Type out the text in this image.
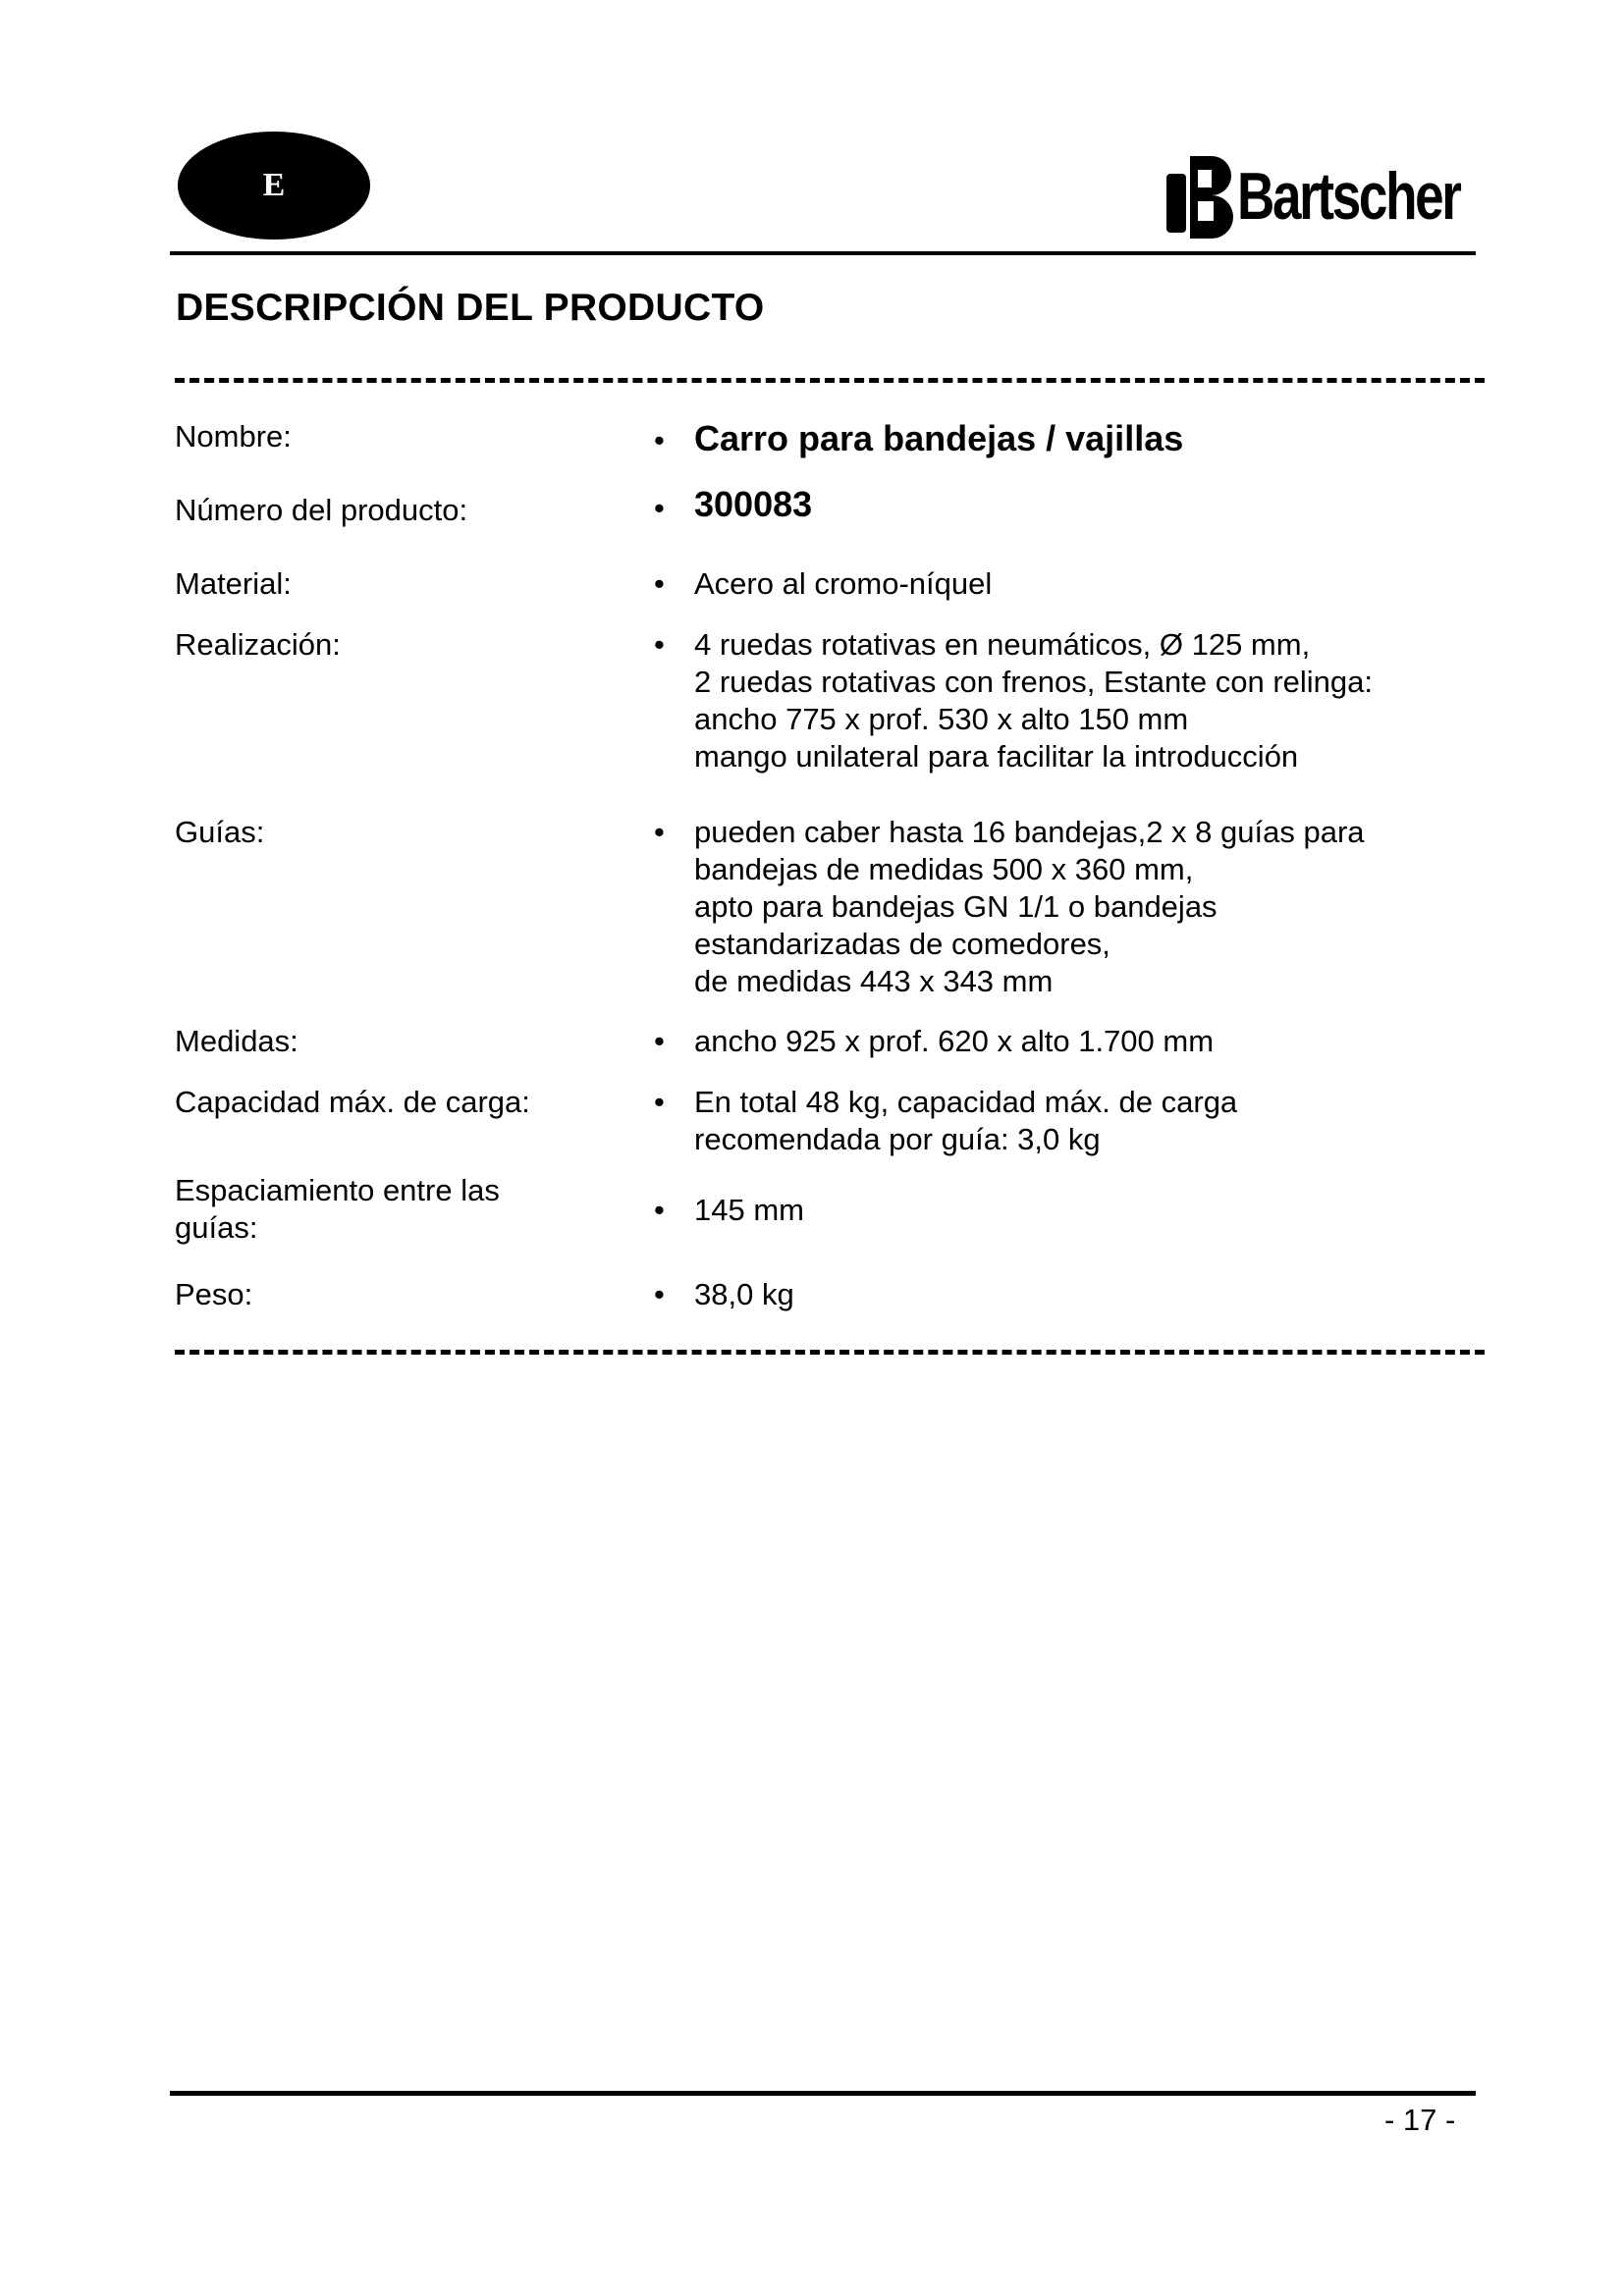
E	Bartscher
DESCRIPCIÓN DEL PRODUCTO
Nombre:	• Carro para bandejas / vajillas
Número del producto:	• 300083
Material:	• Acero al cromo-níquel
Realización:	• 4 ruedas rotativas en neumáticos, Ø 125 mm,
2 ruedas rotativas con frenos, Estante con relinga:
ancho 775 x prof. 530 x alto 150 mm
mango unilateral para facilitar la introducción
Guías:	• pueden caber hasta 16 bandejas,2 x 8 guías para
bandejas de medidas 500 x 360 mm,
apto para bandejas GN 1/1 o bandejas
estandarizadas de comedores,
de medidas 443 x 343 mm
Medidas:	• ancho 925 x prof. 620 x alto 1.700 mm
Capacidad máx. de carga:	• En total 48 kg, capacidad máx. de carga
recomendada por guía: 3,0 kg
Espaciamiento entre las
guías:
• 145 mm
Peso:	• 38,0 kg
- 17 -
